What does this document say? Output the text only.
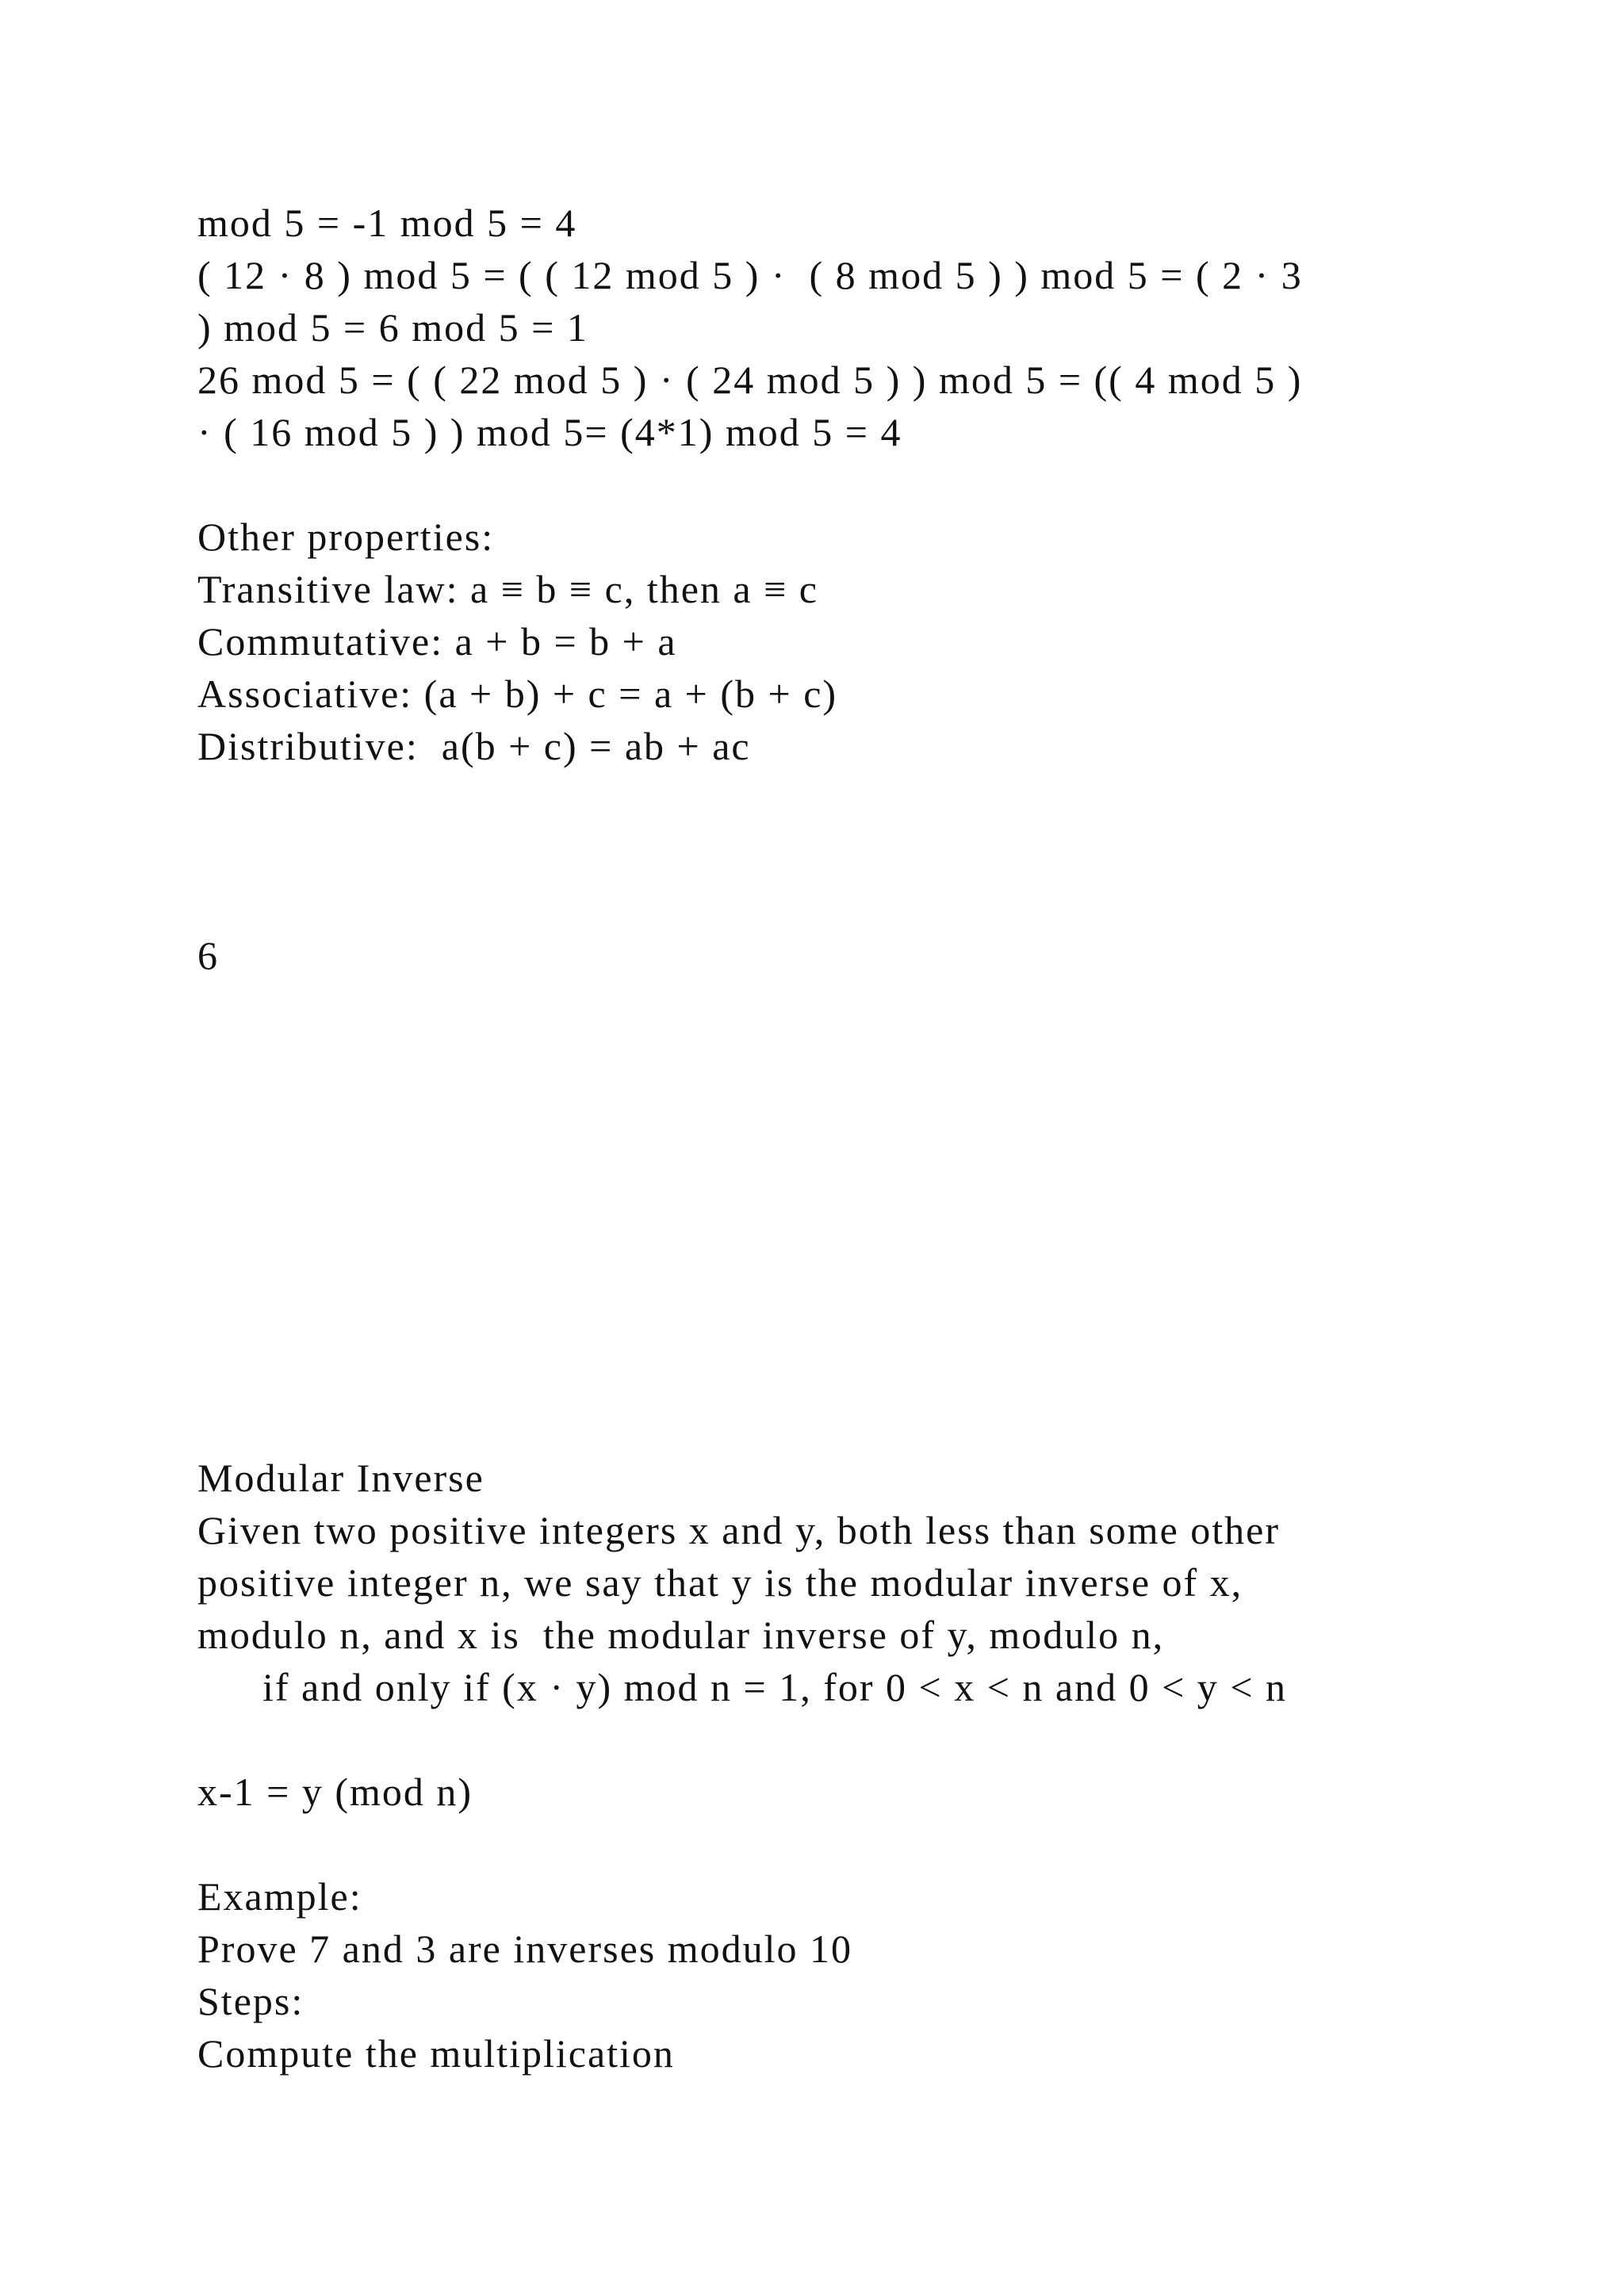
mod 5 = -1 mod 5 = 4
( 12 · 8 ) mod 5 = ( ( 12 mod 5 ) ·  ( 8 mod 5 ) ) mod 5 = ( 2 · 3
) mod 5 = 6 mod 5 = 1
26 mod 5 = ( ( 22 mod 5 ) · ( 24 mod 5 ) ) mod 5 = (( 4 mod 5 )
· ( 16 mod 5 ) ) mod 5= (4*1) mod 5 = 4
Other properties:
Transitive law: a ≡ b ≡ c, then a ≡ c
Commutative: a + b = b + a
Associative: (a + b) + c = a + (b + c)
Distributive:  a(b + c) = ab + ac
6
Modular Inverse
Given two positive integers x and y, both less than some other
positive integer n, we say that y is the modular inverse of x,
modulo n, and x is  the modular inverse of y, modulo n,
if and only if (x · y) mod n = 1, for 0 < x < n and 0 < y < n
x-1 = y (mod n)
Example:
Prove 7 and 3 are inverses modulo 10
Steps:
Compute the multiplication
